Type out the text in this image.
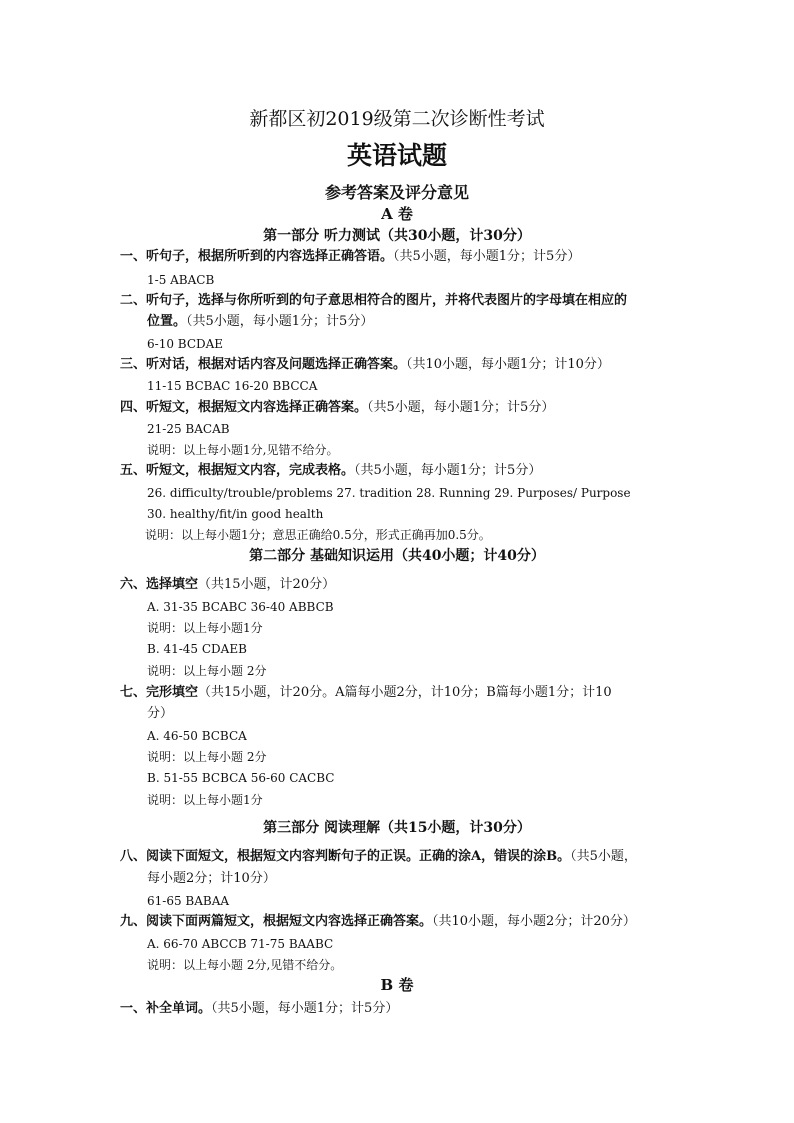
新都区初2019级第二次诊断性考试
英语试题
参考答案及评分意见
A 卷
第一部分 听力测试（共30小题，计30分）
一、听句子，根据所听到的内容选择正确答语。（共5小题，每小题1分；计5分）
1-5 ABACB
二、听句子，选择与你所听到的句子意思相符合的图片，并将代表图片的字母填在相应的
位置。（共5小题，每小题1分；计5分）
6-10 BCDAE
三、听对话，根据对话内容及问题选择正确答案。（共10小题，每小题1分；计10分）
11-15 BCBAC 16-20 BBCCA
四、听短文，根据短文内容选择正确答案。（共5小题，每小题1分；计5分）
21-25 BACAB
说明：以上每小题1分,见错不给分。
五、听短文，根据短文内容，完成表格。（共5小题，每小题1分；计5分）
26. difficulty/trouble/problems 27. tradition 28. Running 29. Purposes/ Purpose
30. healthy/fit/in good health
说明：以上每小题1分；意思正确给0.5分，形式正确再加0.5分。
第二部分 基础知识运用（共40小题；计40分）
六、选择填空（共15小题，计20分）
A. 31-35 BCABC 36-40 ABBCB
说明：以上每小题1分
B. 41-45 CDAEB
说明：以上每小题 2分
七、完形填空（共15小题，计20分。A篇每小题2分，计10分；B篇每小题1分；计10
分）
A. 46-50 BCBCA
说明：以上每小题 2分
B. 51-55 BCBCA 56-60 CACBC
说明：以上每小题1分
第三部分 阅读理解（共15小题，计30分）
八、阅读下面短文，根据短文内容判断句子的正误。正确的涂A，错误的涂B。（共5小题，
每小题2分；计10分）
61-65 BABAA
九、阅读下面两篇短文，根据短文内容选择正确答案。（共10小题，每小题2分；计20分）
A. 66-70 ABCCB 71-75 BAABC
说明：以上每小题 2分,见错不给分。
B 卷
一、补全单词。（共5小题，每小题1分；计5分）
